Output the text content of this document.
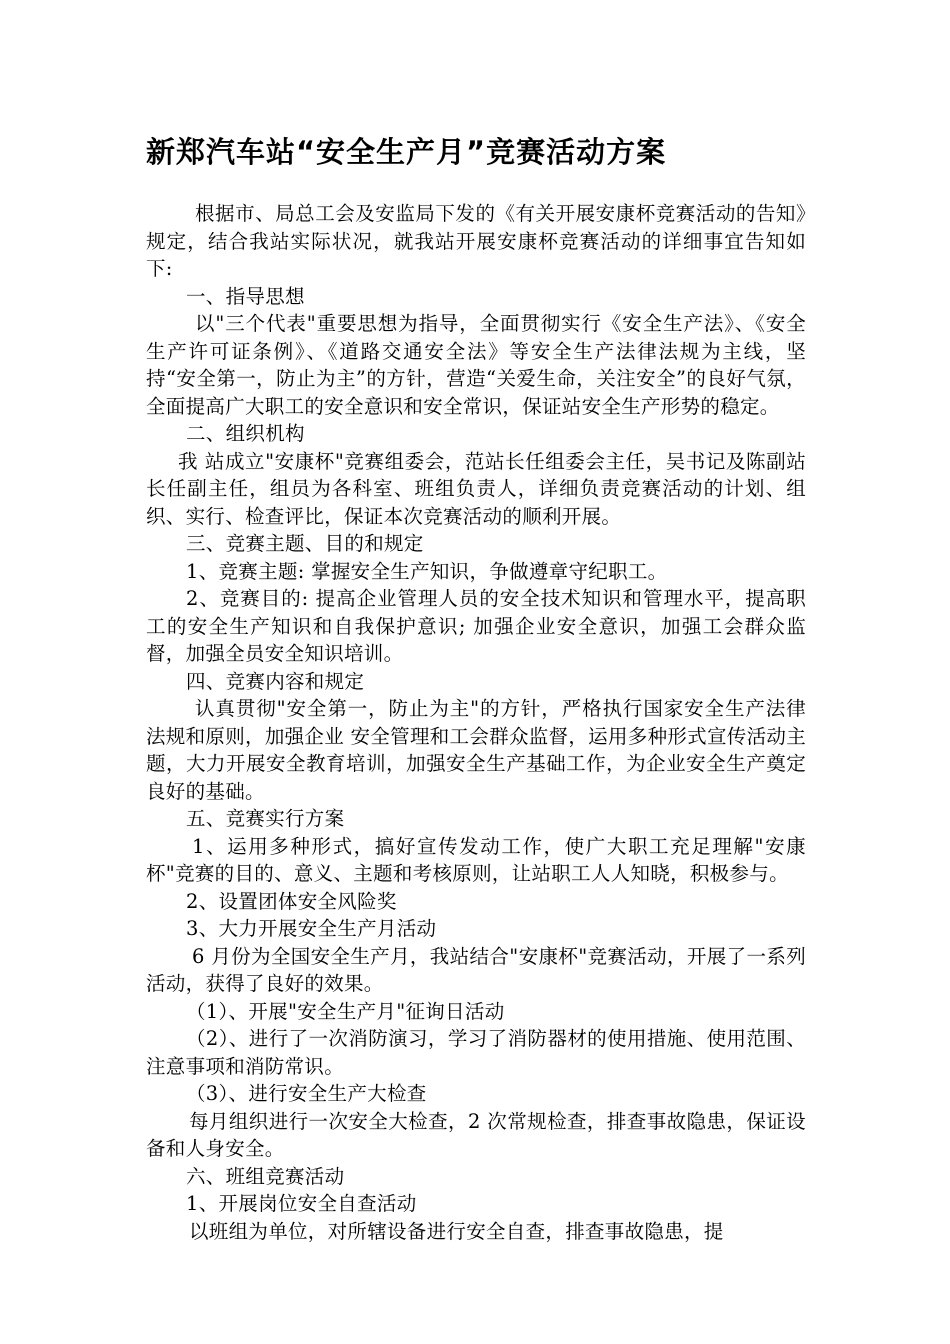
新郑汽车站“安全生产月”竞赛活动方案

根据市、局总工会及安监局下发的《有关开展安康杯竞赛活动的告知》规定，结合我站实际状况，就我站开展安康杯竞赛活动的详细事宜告知如下:

一、指导思想

以"三个代表"重要思想为指导，全面贯彻实行《安全生产法》、《安全生产许可证条例》、《道路交通安全法》等安全生产法律法规为主线，坚持“安全第一，防止为主”的方针，营造“关爱生命，关注安全”的良好气氛，全面提高广大职工的安全意识和安全常识，保证站安全生产形势的稳定。

二、组织机构

我 站成立"安康杯"竞赛组委会，范站长任组委会主任，吴书记及陈副站长任副主任，组员为各科室、班组负责人，详细负责竞赛活动的计划、组织、实行、检查评比，保证本次竞赛活动的顺利开展。

三、竞赛主题、目的和规定

1、竞赛主题: 掌握安全生产知识，争做遵章守纪职工。

2、竞赛目的: 提高企业管理人员的安全技术知识和管理水平，提高职工的安全生产知识和自我保护意识; 加强企业安全意识，加强工会群众监督，加强全员安全知识培训。

四、竞赛内容和规定

认真贯彻"安全第一，防止为主"的方针，严格执行国家安全生产法律 法规和原则，加强企业 安全管理和工会群众监督，运用多种形式宣传活动主题，大力开展安全教育培训，加强安全生产基础工作，为企业安全生产奠定良好的基础。

五、竞赛实行方案

1、运用多种形式，搞好宣传发动工作，使广大职工充足理解"安康杯"竞赛的目的、意义、主题和考核原则，让站职工人人知晓，积极参与。

2、设置团体安全风险奖

3、大力开展安全生产月活动

6 月份为全国安全生产月，我站结合"安康杯"竞赛活动，开展了一系列活动，获得了良好的效果。

（1）、开展"安全生产月"征询日活动

（2）、进行了一次消防演习，学习了消防器材的使用措施、使用范围、注意事项和消防常识。

（3）、进行安全生产大检查

每月组织进行一次安全大检查，2 次常规检查，排查事故隐患，保证设备和人身安全。

六、班组竞赛活动

1、开展岗位安全自查活动

以班组为单位，对所辖设备进行安全自查，排查事故隐患，提
